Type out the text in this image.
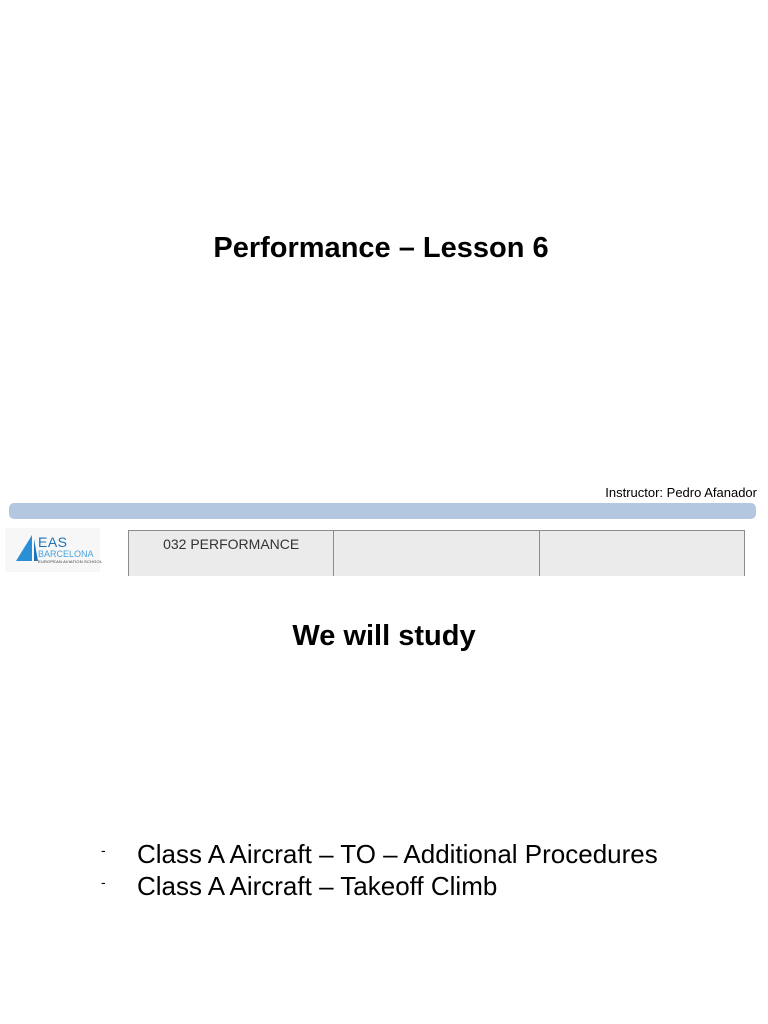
Performance – Lesson 6
Instructor: Pedro Afanador
EAS
BARCELONA
EUROPEAN AVIATION SCHOOL
032 PERFORMANCE
We will study
- Class A Aircraft – TO – Additional Procedures
- Class A Aircraft – Takeoff Climb
